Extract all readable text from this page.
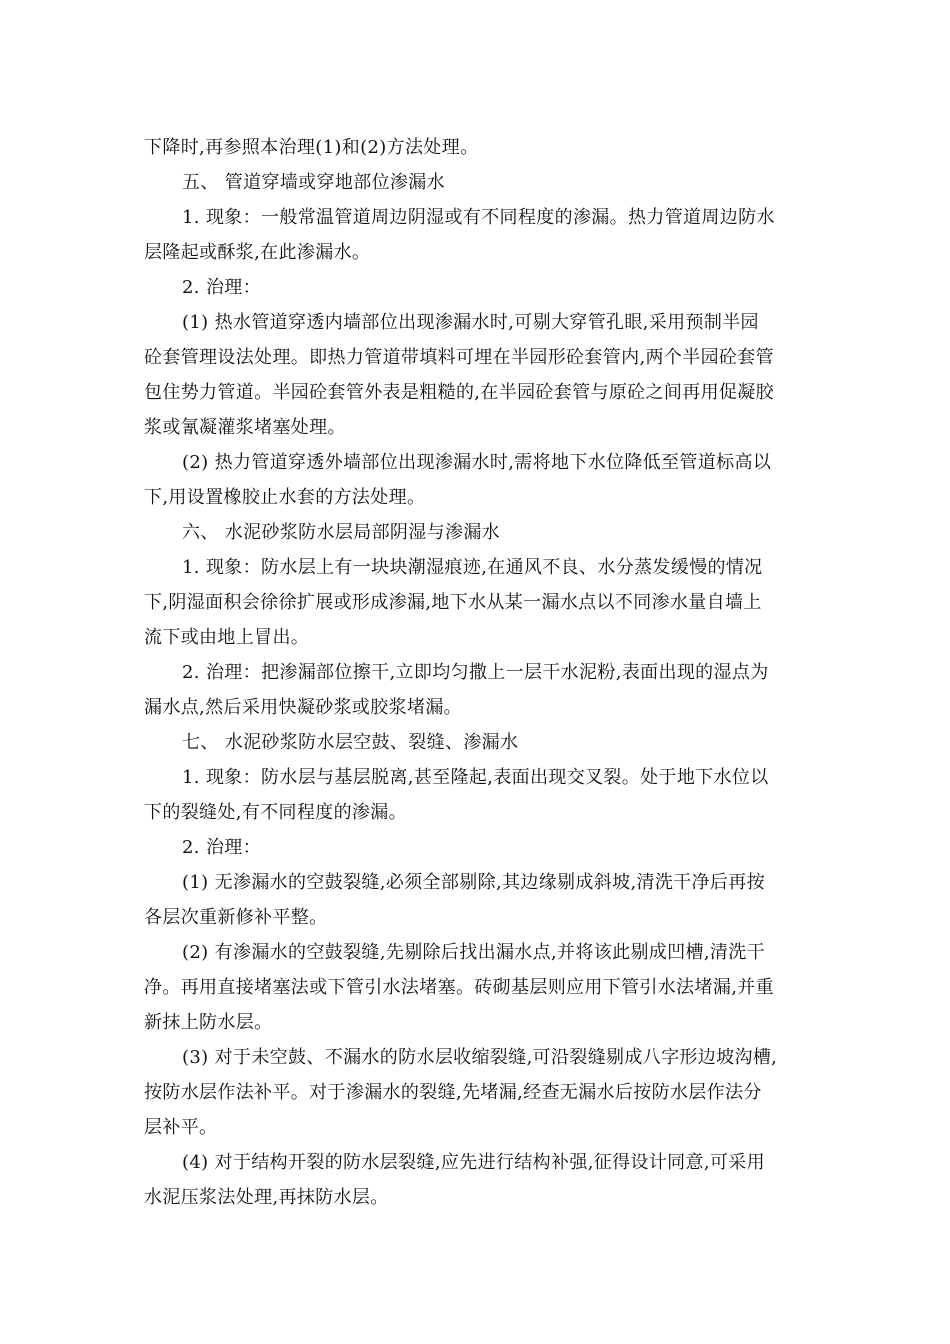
下降时,再参照本治理(1)和(2)方法处理。
五、 管道穿墙或穿地部位渗漏水
1. 现象：一般常温管道周边阴湿或有不同程度的渗漏。热力管道周边防水
层隆起或酥浆,在此渗漏水。
2. 治理：
(1) 热水管道穿透内墙部位出现渗漏水时,可剔大穿管孔眼,采用预制半园
砼套管理设法处理。即热力管道带填料可埋在半园形砼套管内,两个半园砼套管
包住势力管道。半园砼套管外表是粗糙的,在半园砼套管与原砼之间再用促凝胶
浆或氰凝灌浆堵塞处理。
(2) 热力管道穿透外墙部位出现渗漏水时,需将地下水位降低至管道标高以
下,用设置橡胶止水套的方法处理。
六、 水泥砂浆防水层局部阴湿与渗漏水
1. 现象：防水层上有一块块潮湿痕迹,在通风不良、水分蒸发缓慢的情况
下,阴湿面积会徐徐扩展或形成渗漏,地下水从某一漏水点以不同渗水量自墙上
流下或由地上冒出。
2. 治理：把渗漏部位擦干,立即均匀撒上一层干水泥粉,表面出现的湿点为
漏水点,然后采用快凝砂浆或胶浆堵漏。
七、 水泥砂浆防水层空鼓、裂缝、渗漏水
1. 现象：防水层与基层脱离,甚至隆起,表面出现交叉裂。处于地下水位以
下的裂缝处,有不同程度的渗漏。
2. 治理：
(1) 无渗漏水的空鼓裂缝,必须全部剔除,其边缘剔成斜坡,清洗干净后再按
各层次重新修补平整。
(2) 有渗漏水的空鼓裂缝,先剔除后找出漏水点,并将该此剔成凹槽,清洗干
净。再用直接堵塞法或下管引水法堵塞。砖砌基层则应用下管引水法堵漏,并重
新抹上防水层。
(3) 对于未空鼓、不漏水的防水层收缩裂缝,可沿裂缝剔成八字形边坡沟槽,
按防水层作法补平。对于渗漏水的裂缝,先堵漏,经查无漏水后按防水层作法分
层补平。
(4) 对于结构开裂的防水层裂缝,应先进行结构补强,征得设计同意,可采用
水泥压浆法处理,再抹防水层。
